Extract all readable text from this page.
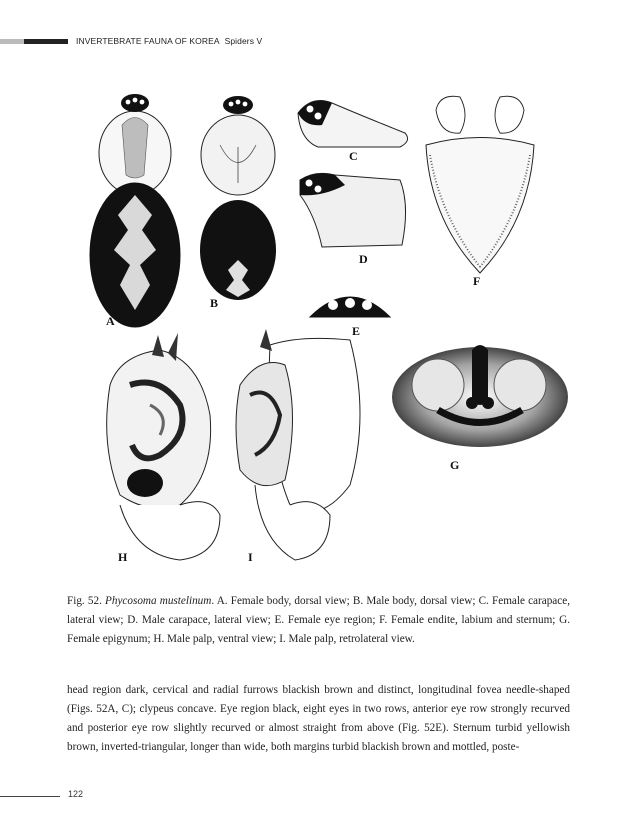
INVERTEBRATE FAUNA OF KOREA Spiders V
A
B
C
D
E
F
G
H	I
Fig. 52. Phycosoma mustelinum. A. Female body, dorsal view; B. Male body, dorsal view; C. Female carapace, lateral view; D. Male carapace, lateral view; E. Female eye region; F. Female endite, labium and sternum; G. Female epigynum; H. Male palp, ventral view; I. Male palp, retrolateral view.
head region dark, cervical and radial furrows blackish brown and distinct, longitudinal fovea needle-shaped (Figs. 52A, C); clypeus concave. Eye region black, eight eyes in two rows, anterior eye row strongly recurved and posterior eye row slightly recurved or almost straight from above (Fig. 52E). Sternum turbid yellowish brown, inverted-triangular, longer than wide, both margins turbid blackish brown and mottled, poste-
122
